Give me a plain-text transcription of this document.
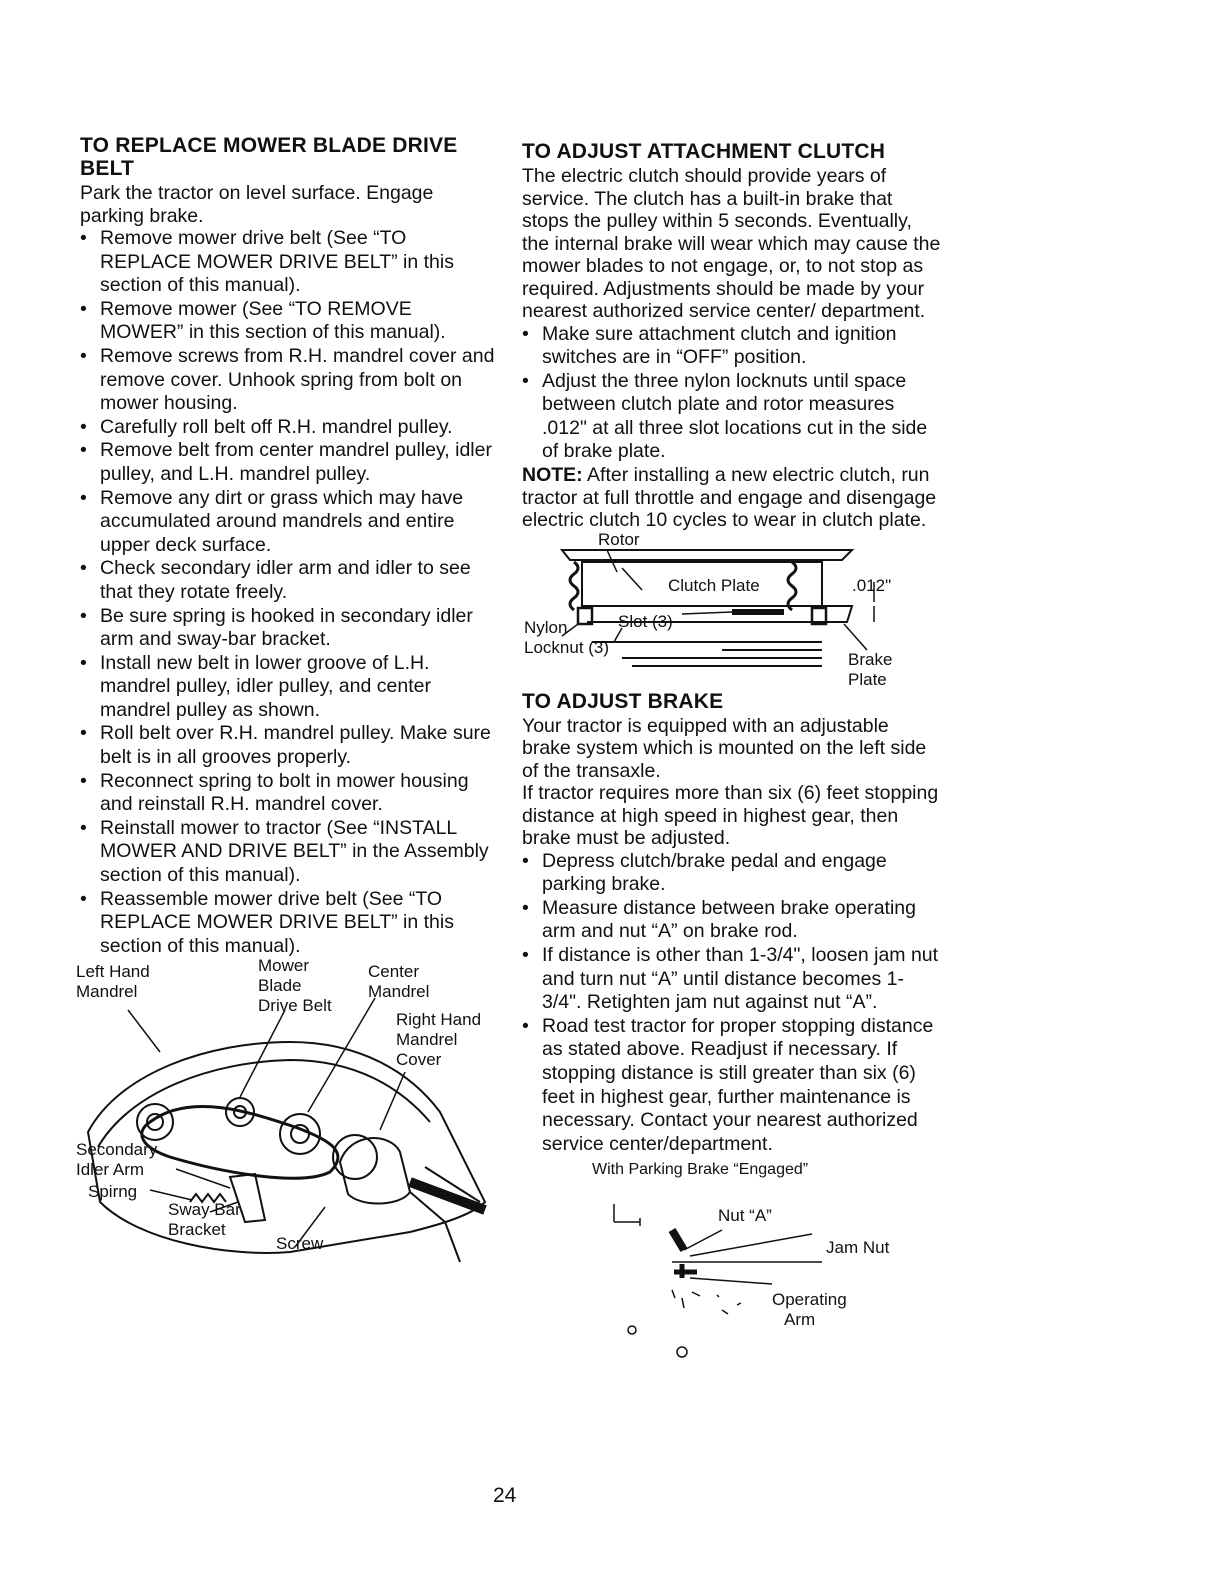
TO REPLACE MOWER BLADE DRIVE BELT

Park the tractor on level surface. Engage parking brake.

• Remove mower drive belt (See “TO REPLACE MOWER DRIVE BELT” in this section of this manual).
• Remove mower (See “TO REMOVE MOWER” in this section of this manual).
• Remove screws from R.H. mandrel cover and remove cover. Unhook spring from bolt on mower housing.
• Carefully roll belt off R.H. mandrel pulley.
• Remove belt from center mandrel pulley, idler pulley, and L.H. mandrel pulley.
• Remove any dirt or grass which may have accumulated around mandrels and entire upper deck surface.
• Check secondary idler arm and idler to see that they rotate freely.
• Be sure spring is hooked in secondary idler arm and sway-bar bracket.
• Install new belt in lower groove of L.H. mandrel pulley, idler pulley, and center mandrel pulley as shown.
• Roll belt over R.H. mandrel pulley. Make sure belt is in all grooves properly.
• Reconnect spring to bolt in mower housing and reinstall R.H. mandrel cover.
• Reinstall mower to tractor (See “INSTALL MOWER AND DRIVE BELT” in the Assembly section of this manual).
• Reassemble mower drive belt (See “TO REPLACE MOWER DRIVE BELT” in this section of this manual).
Left Hand
Mandrel
Mower
Blade
Drive Belt
Center
Mandrel
Right Hand
Mandrel
Cover
Secondary
Idler Arm
Spirng
Sway Bar
Bracket
Screw
TO ADJUST ATTACHMENT CLUTCH

The electric clutch should provide years of service. The clutch has a built-in brake that stops the pulley within 5 seconds. Eventually, the internal brake will wear which may cause the mower blades to not engage, or, to not stop as required. Adjustments should be made by your nearest authorized service center/ department.

• Make sure attachment clutch and ignition switches are in “OFF” position.
• Adjust the three nylon locknuts until space between clutch plate and rotor measures .012" at all three slot locations cut in the side of brake plate.

NOTE: After installing a new electric clutch, run tractor at full throttle and engage and disengage electric clutch 10 cycles to wear in clutch plate.

Rotor
Clutch Plate	.012"
Slot (3)
Nylon
Locknut (3)
Brake
Plate
TO ADJUST BRAKE

Your tractor is equipped with an adjustable brake system which is mounted on the left side of the transaxle.

If tractor requires more than six (6) feet stopping distance at high speed in highest gear, then brake must be adjusted.

• Depress clutch/brake pedal and engage parking brake.
• Measure distance between brake operating arm and nut “A” on brake rod.
• If distance is other than 1-3/4", loosen jam nut and turn nut “A” until distance becomes 1-3/4". Retighten jam nut against nut “A”.
• Road test tractor for proper stopping distance as stated above. Readjust if necessary. If stopping distance is still greater than six (6) feet in highest gear, further maintenance is necessary. Contact your nearest authorized service center/department.
With Parking Brake “Engaged”
Nut “A”
Jam Nut
Operating
Arm
24
